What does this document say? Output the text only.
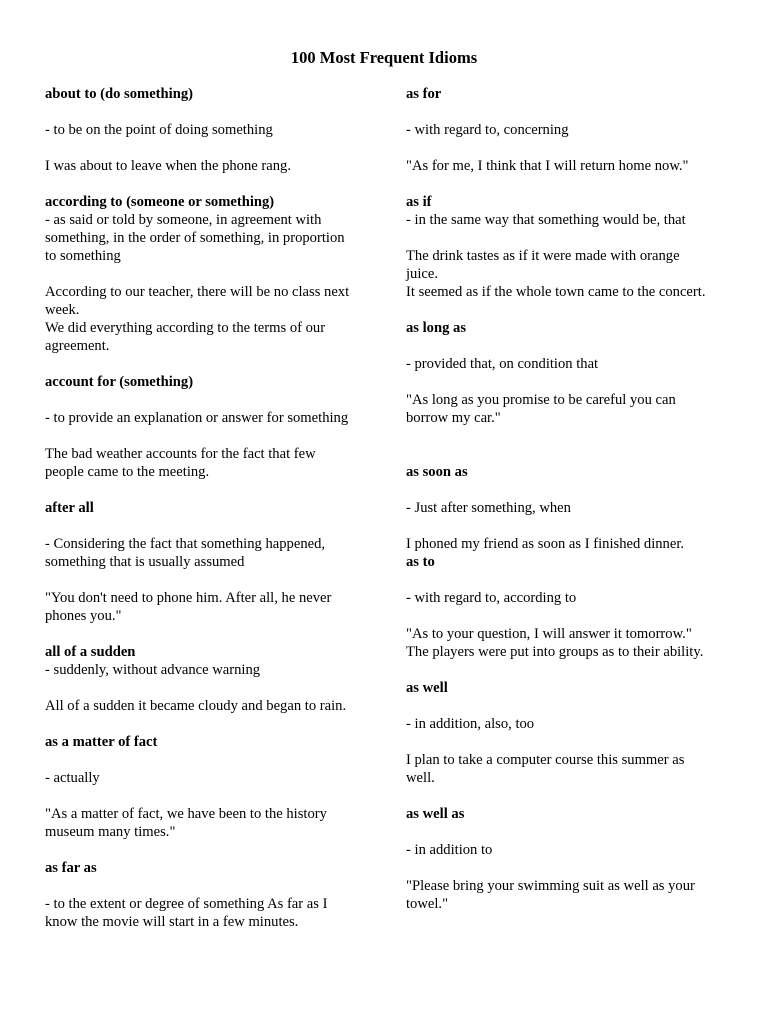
100 Most Frequent Idioms
about to (do something)
- to be on the point of doing something
I was about to leave when the phone rang.
according to (someone or something)
- as said or told by someone, in agreement with
something, in the order of something, in proportion
to something
According to our teacher, there will be no class next
week.
We did everything according to the terms of our
agreement.
account for (something)
- to provide an explanation or answer for something
The bad weather accounts for the fact that few
people came to the meeting.
after all
- Considering the fact that something happened,
something that is usually assumed
"You don't need to phone him. After all, he never
phones you."
all of a sudden
- suddenly, without advance warning
All of a sudden it became cloudy and began to rain.
as a matter of fact
- actually
"As a matter of fact, we have been to the history
museum many times."
as far as
- to the extent or degree of something As far as I
know the movie will start in a few minutes.
as for
- with regard to, concerning
"As for me, I think that I will return home now."
as if
- in the same way that something would be, that
The drink tastes as if it were made with orange
juice.
It seemed as if the whole town came to the concert.
as long as
- provided that, on condition that
"As long as you promise to be careful you can
borrow my car."
as soon as
- Just after something, when
I phoned my friend as soon as I finished dinner.
as to
- with regard to, according to
"As to your question, I will answer it tomorrow."
The players were put into groups as to their ability.
as well
- in addition, also, too
I plan to take a computer course this summer as
well.
as well as
- in addition to
"Please bring your swimming suit as well as your
towel."
